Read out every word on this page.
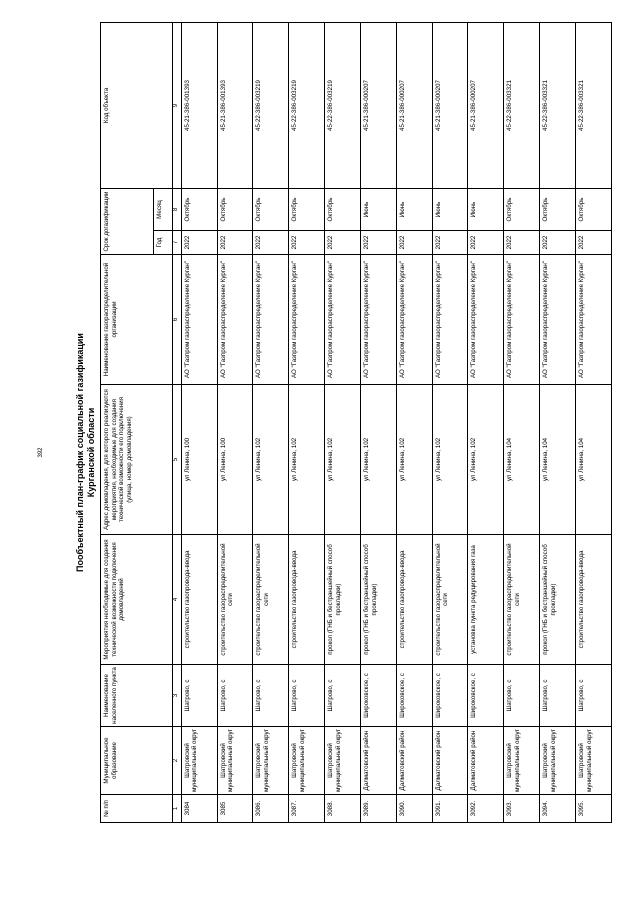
392	Пообъектный план-график социальной газификации Курганской области
№ п/п	Муниципальное образование	Наименование населенного пункта	Мероприятия необходимые для создания технической возможности подключения домовладений	Адрес домовладения, для которого реализуются мероприятия, необходимые для создания технической возможности его подключения (улица, номер домовладения)	Наименование газораспределительной организации	Срок догазификации		Код объекта
						Год	Месяц	
1	2	3	4	5	6	7	8	9
3084	Шатровский муниципальный округ	Шатрово, с	строительство газопровода-ввода	ул Ленина, 100	АО "Газпром газораспределение Курган"	2022	Октябрь	45-21-386-001393
3085	Шатровский муниципальный округ	Шатрово, с	строительство газораспределительной сети	ул Ленина, 100	АО "Газпром газораспределение Курган"	2022	Октябрь	45-21-386-001393
3086.	Шатровский муниципальный округ	Шатрово, с	строительство газораспределительной сети	ул Ленина, 102	АО "Газпром газораспределение Курган"	2022	Октябрь	45-22-386-003219
3087.	Шатровский муниципальный округ	Шатрово, с	строительство газопровода-ввода	ул Ленина, 102	АО "Газпром газораспределение Курган"	2022	Октябрь	45-22-386-003219
3088.	Шатровский муниципальный округ	Шатрово, с	прокол (ГНБ и бестраншейный способ прокладки)	ул Ленина, 102	АО "Газпром газораспределение Курган"	2022	Октябрь	45-22-386-003219
3089.	Далматовский район	Широковское, с	прокол (ГНБ и бестраншейный способ прокладки)	ул Ленина, 102	АО "Газпром газораспределение Курган"	2022	Июнь	45-21-386-000207
3090.	Далматовский район	Широковское, с	строительство газопровода-ввода	ул Ленина, 102	АО "Газпром газораспределение Курган"	2022	Июнь	45-21-386-000207
3091.	Далматовский район	Широковское, с	строительство газораспределительной сети	ул Ленина, 102	АО "Газпром газораспределение Курган"	2022	Июнь	45-21-386-000207
3092.	Далматовский район	Широковское, с	установка пункта редуцирования газа	ул Ленина, 102	АО "Газпром газораспределение Курган"	2022	Июнь	45-21-386-000207
3093.	Шатровский муниципальный округ	Шатрово, с	строительство газораспределительной сети	ул Ленина, 104	АО "Газпром газораспределение Курган"	2022	Октябрь	45-22-386-003321
3094.	Шатровский муниципальный округ	Шатрово, с	прокол (ГНБ и бестраншейный способ прокладки)	ул Ленина, 104	АО "Газпром газораспределение Курган"	2022	Октябрь	45-22-386-003321
3095.	Шатровский муниципальный округ	Шатрово, с	строительство газопровода-ввода	ул Ленина, 104	АО "Газпром газораспределение Курган"	2022	Октябрь	45-22-386-003321
